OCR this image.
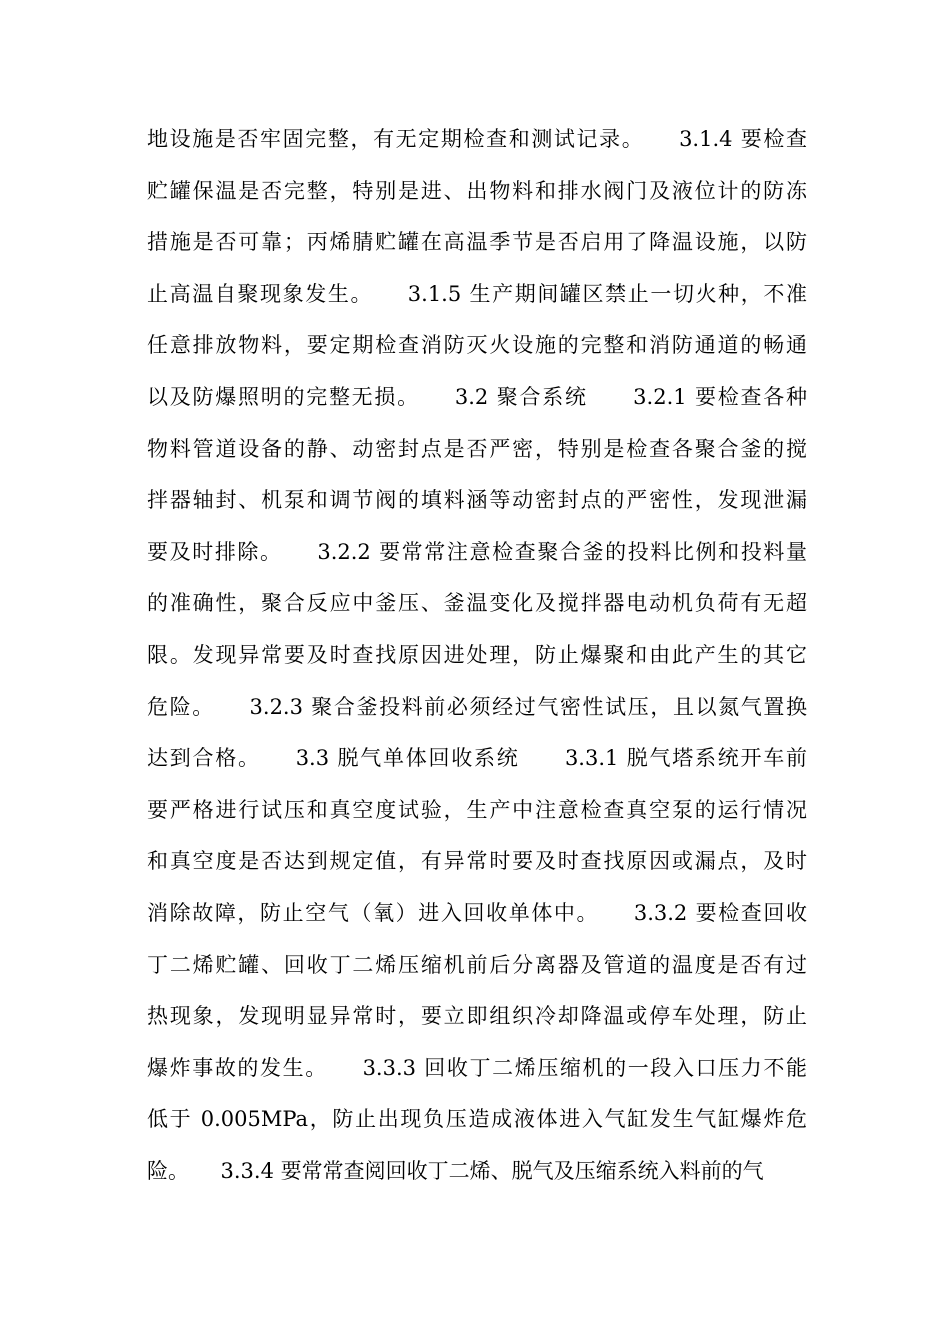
地设施是否牢固完整，有无定期检查和测试记录。　　3.1.4 要检查
贮罐保温是否完整，特别是进、出物料和排水阀门及液位计的防冻
措施是否可靠；丙烯腈贮罐在高温季节是否启用了降温设施，以防
止高温自聚现象发生。　　3.1.5 生产期间罐区禁止一切火种，不准
任意排放物料，要定期检查消防灭火设施的完整和消防通道的畅通
以及防爆照明的完整无损。　　3.2 聚合系统　　3.2.1 要检查各种
物料管道设备的静、动密封点是否严密，特别是检查各聚合釜的搅
拌器轴封、机泵和调节阀的填料涵等动密封点的严密性，发现泄漏
要及时排除。　　3.2.2 要常常注意检查聚合釜的投料比例和投料量
的准确性，聚合反应中釜压、釜温变化及搅拌器电动机负荷有无超
限。发现异常要及时查找原因进处理，防止爆聚和由此产生的其它
危险。　　3.2.3 聚合釜投料前必须经过气密性试压，且以氮气置换
达到合格。　　3.3 脱气单体回收系统　　3.3.1 脱气塔系统开车前
要严格进行试压和真空度试验，生产中注意检查真空泵的运行情况
和真空度是否达到规定值，有异常时要及时查找原因或漏点，及时
消除故障，防止空气（氧）进入回收单体中。　　3.3.2 要检查回收
丁二烯贮罐、回收丁二烯压缩机前后分离器及管道的温度是否有过
热现象，发现明显异常时，要立即组织冷却降温或停车处理，防止
爆炸事故的发生。　　3.3.3 回收丁二烯压缩机的一段入口压力不能
低于 0.005MPa，防止出现负压造成液体进入气缸发生气缸爆炸危
险。　　3.3.4 要常常查阅回收丁二烯、脱气及压缩系统入料前的气
